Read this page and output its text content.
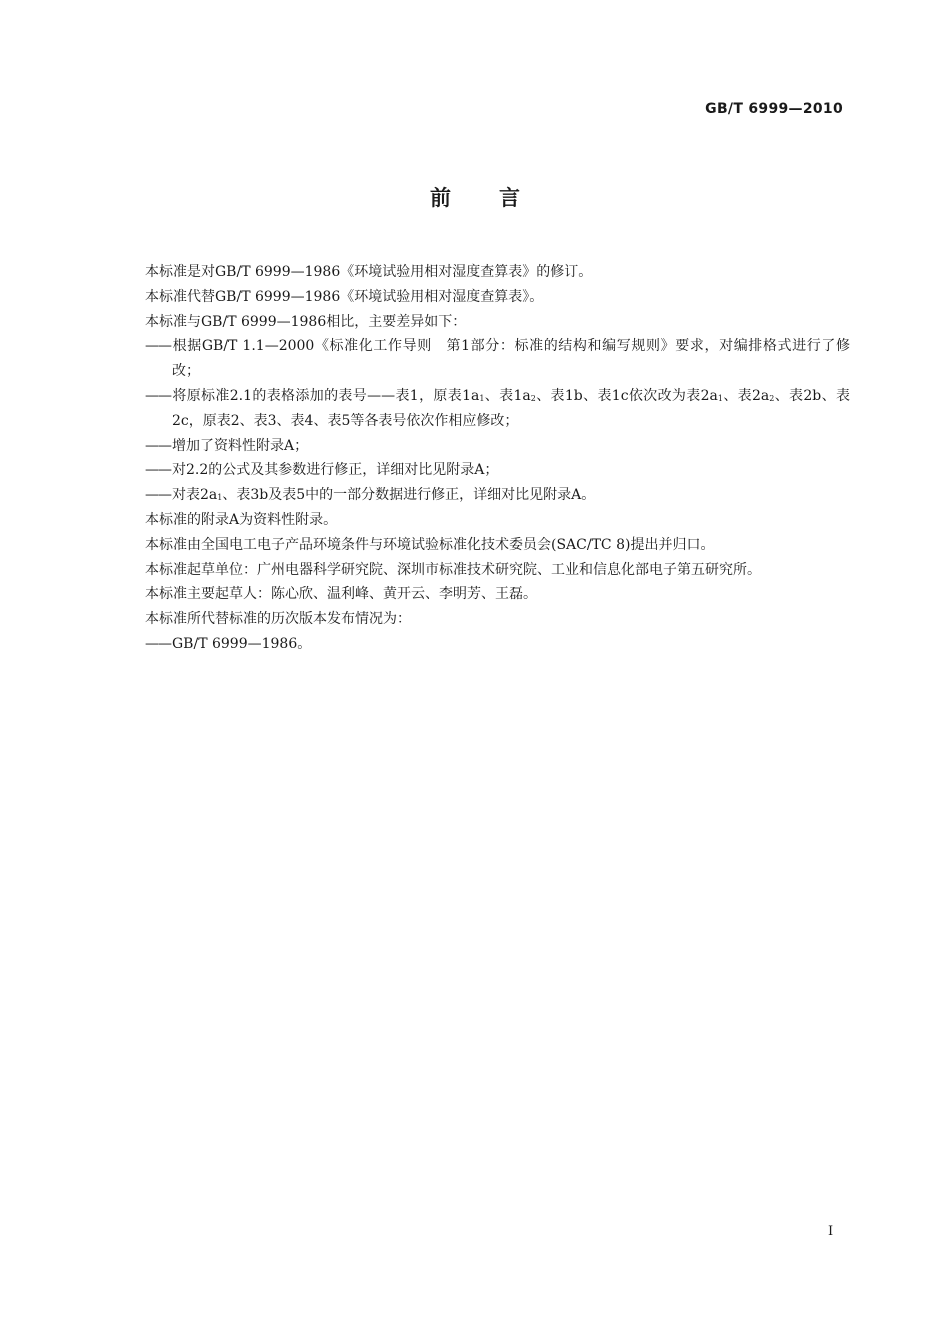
GB/T 6999—2010
前言

本标准是对GB/T 6999—1986《环境试验用相对湿度查算表》的修订。

本标准代替GB/T 6999—1986《环境试验用相对湿度查算表》。

本标准与GB/T 6999—1986相比，主要差异如下：

—— 根据GB/T 1.1—2000《标准化工作导则　第1部分：标准的结构和编写规则》要求，对编排格式进行了修改；

—— 将原标准2.1的表格添加的表号——表1，原表$1a_1$、表$1a_2$、表1b、表1c依次改为表$2a_1$、表$2a_2$、表2b、表2c，原表2、表3、表4、表5等各表号依次作相应修改；

—— 增加了资料性附录A；

—— 对2.2的公式及其参数进行修正，详细对比见附录A；

—— 对表$2a_1$、表3b及表5中的一部分数据进行修正，详细对比见附录A。

本标准的附录A为资料性附录。

本标准由全国电工电子产品环境条件与环境试验标准化技术委员会(SAC/TC 8)提出并归口。

本标准起草单位：广州电器科学研究院、深圳市标准技术研究院、工业和信息化部电子第五研究所。

本标准主要起草人：陈心欣、温利峰、黄开云、李明芳、王磊。

本标准所代替标准的历次版本发布情况为：

—— GB/T 6999—1986。

I
